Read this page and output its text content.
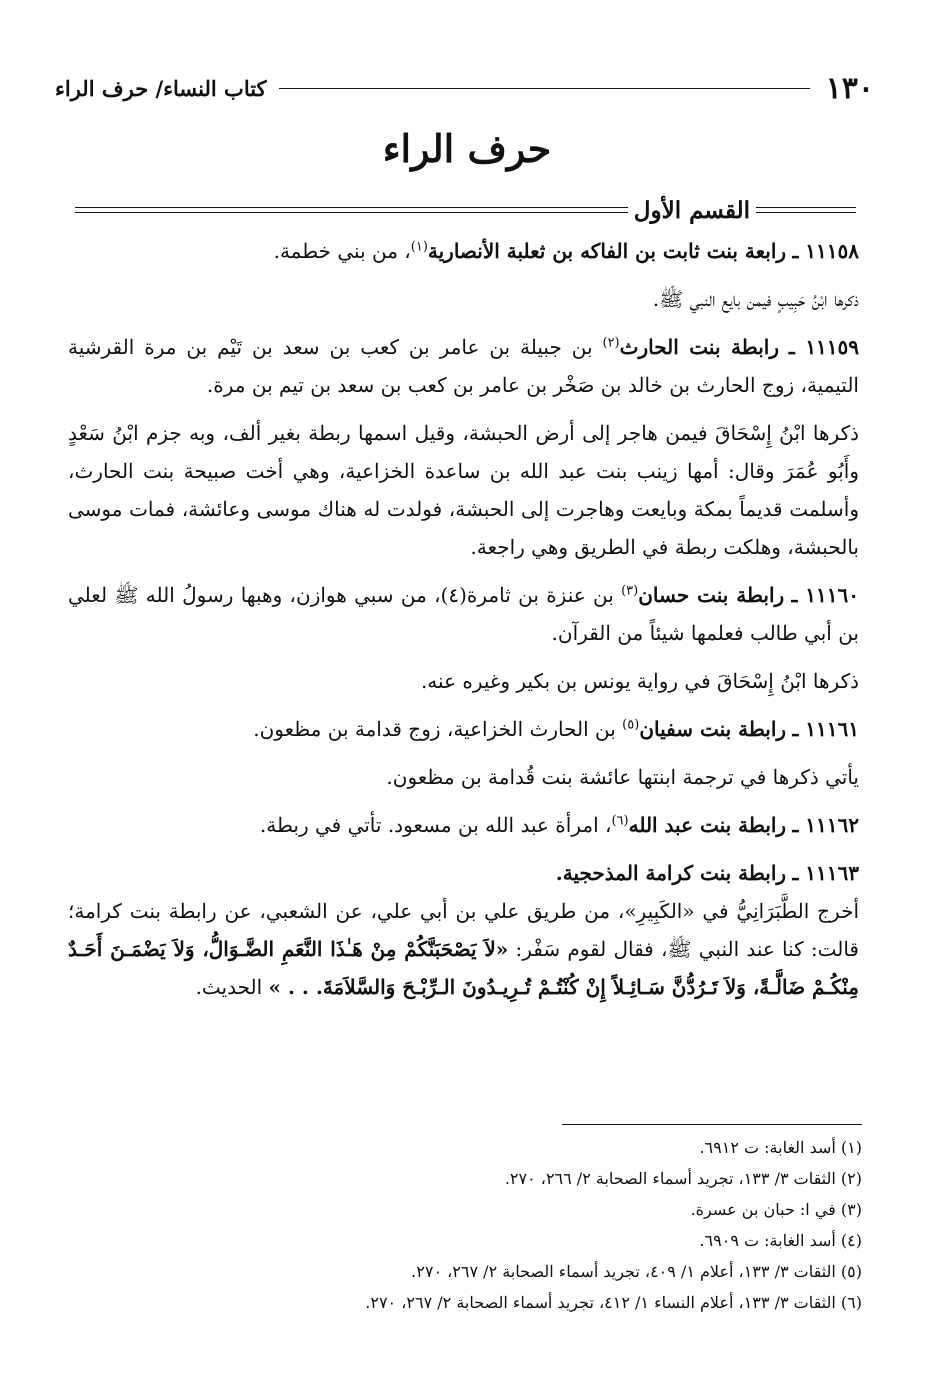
١٣٠
كتاب النساء/ حرف الراء
حرف الراء
القسم الأول

١١١٥٨ ـ رابعة بنت ثابت بن الفاكه بن ثعلبة الأنصارية$^{(١)}$، من بني خطمة.

ذكرها ابْنُ حَبِيبٍ فيمن بايع النبي ﷺ.

١١١٥٩ ـ رابطة بنت الحارث$^{(٢)}$ بن جبيلة بن عامر بن كعب بن سعد بن تَيْم بن مرة القرشية التيمية، زوج الحارث بن خالد بن صَخْر بن عامر بن كعب بن سعد بن تيم بن مرة.

ذكرها ابْنُ إِسْحَاقَ فيمن هاجر إلى أرض الحبشة، وقيل اسمها ربطة بغير ألف، وبه جزم ابْنُ سَعْدٍ وأَبُو عُمَرَ وقال: أمها زينب بنت عبد الله بن ساعدة الخزاعية، وهي أخت صبيحة بنت الحارث، وأسلمت قديماً بمكة وبايعت وهاجرت إلى الحبشة، فولدت له هناك موسى وعائشة، فمات موسى بالحبشة، وهلكت ربطة في الطريق وهي راجعة.

١١١٦٠ ـ رابطة بنت حسان$^{(٣)}$ بن عنزة بن ثامرة(٤)، من سبي هوازن، وهبها رسولُ الله ﷺ لعلي بن أبي طالب فعلمها شيئاً من القرآن.

ذكرها ابْنُ إِسْحَاقَ في رواية يونس بن بكير وغيره عنه.

١١١٦١ ـ رابطة بنت سفيان$^{(٥)}$ بن الحارث الخزاعية، زوج قدامة بن مظعون.

يأتي ذكرها في ترجمة ابنتها عائشة بنت قُدامة بن مظعون.

١١١٦٢ ـ رابطة بنت عبد الله$^{(٦)}$، امرأة عبد الله بن مسعود. تأتي في ربطة.

١١١٦٣ ـ رابطة بنت كرامة المذحجية.

أخرج الطَّبَرَانِيُّ في «الكَبِيرِ»، من طريق علي بن أبي علي، عن الشعبي، عن رابطة بنت كرامة؛ قالت: كنا عند النبي ﷺ، فقال لقوم سَفْر: «لاَ يَصْحَبَنَّكُمْ مِنْ هَـٰذَا النَّعَمِ الضَّـوَالُّ، وَلاَ يَضْمَـنَ أَحَـدٌ مِنْكُـمْ ضَالَّـةً، وَلاَ تَـرُدُّنَّ سَـائِـلاً إِنْ كُنْتُـمْ تُـرِيـدُونَ الـرِّبْـحَ وَالسَّلاَمَةَ. . . » الحديث.

(١) أسد الغابة: ت ٦٩١٢.
(٢) الثقات ٣/ ١٣٣، تجريد أسماء الصحابة ٢/ ٢٦٦، ٢٧٠.
(٣) في ا: حبان بن عسرة.
(٤) أسد الغابة: ت ٦٩٠٩.
(٥) الثقات ٣/ ١٣٣، أعلام ١/ ٤٠٩، تجريد أسماء الصحابة ٢/ ٢٦٧، ٢٧٠.
(٦) الثقات ٣/ ١٣٣، أعلام النساء ١/ ٤١٢، تجريد أسماء الصحابة ٢/ ٢٦٧، ٢٧٠.
